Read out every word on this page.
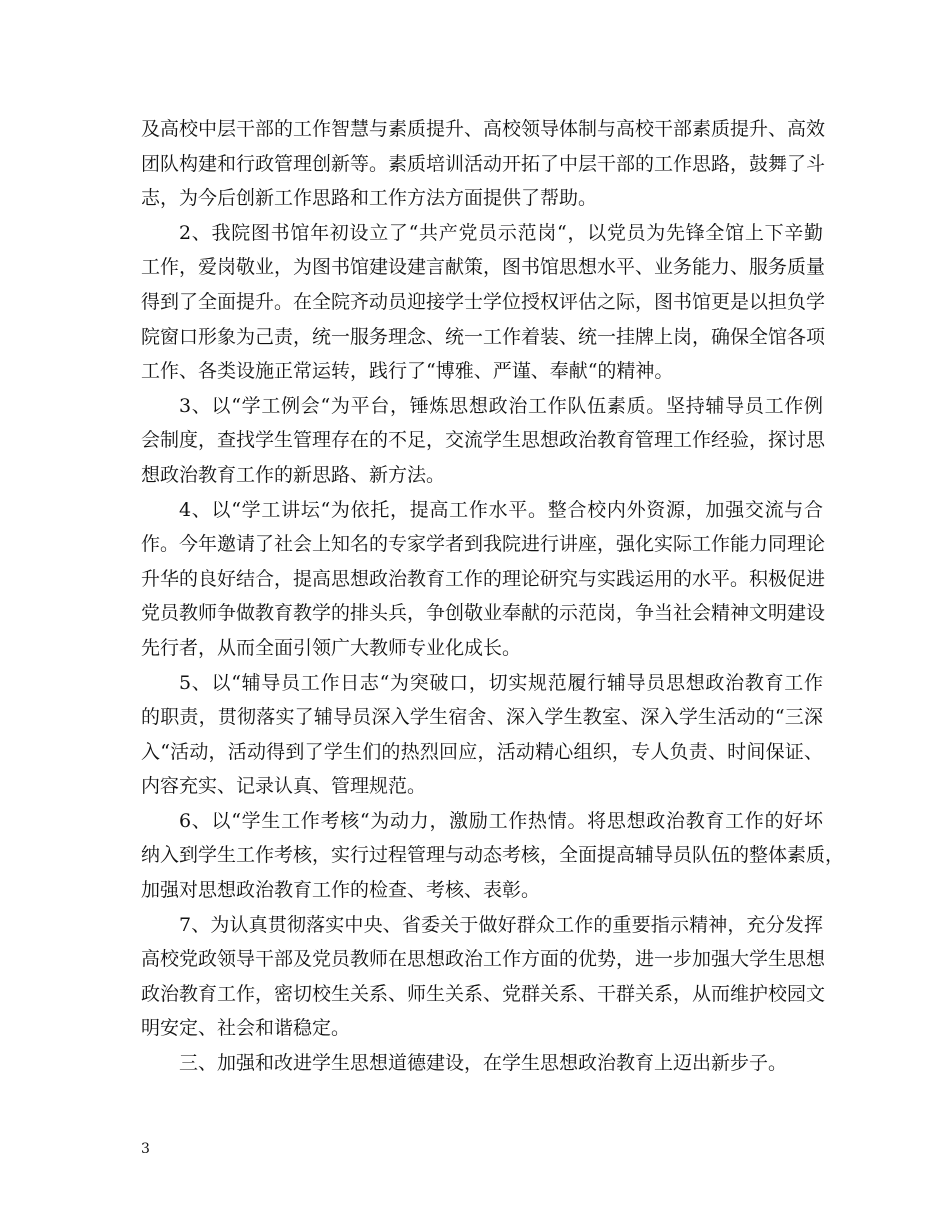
及高校中层干部的工作智慧与素质提升、高校领导体制与高校干部素质提升、高效
团队构建和行政管理创新等。素质培训活动开拓了中层干部的工作思路，鼓舞了斗
志，为今后创新工作思路和工作方法方面提供了帮助。
2、我院图书馆年初设立了“共产党员示范岗“，以党员为先锋全馆上下辛勤
工作，爱岗敬业，为图书馆建设建言献策，图书馆思想水平、业务能力、服务质量
得到了全面提升。在全院齐动员迎接学士学位授权评估之际，图书馆更是以担负学
院窗口形象为己责，统一服务理念、统一工作着装、统一挂牌上岗，确保全馆各项
工作、各类设施正常运转，践行了“博雅、严谨、奉献“的精神。
3、以“学工例会“为平台，锤炼思想政治工作队伍素质。坚持辅导员工作例
会制度，查找学生管理存在的不足，交流学生思想政治教育管理工作经验，探讨思
想政治教育工作的新思路、新方法。
4、以“学工讲坛“为依托，提高工作水平。整合校内外资源，加强交流与合
作。今年邀请了社会上知名的专家学者到我院进行讲座，强化实际工作能力同理论
升华的良好结合，提高思想政治教育工作的理论研究与实践运用的水平。积极促进
党员教师争做教育教学的排头兵，争创敬业奉献的示范岗，争当社会精神文明建设
先行者，从而全面引领广大教师专业化成长。
5、以“辅导员工作日志“为突破口，切实规范履行辅导员思想政治教育工作
的职责，贯彻落实了辅导员深入学生宿舍、深入学生教室、深入学生活动的“三深
入“活动，活动得到了学生们的热烈回应，活动精心组织，专人负责、时间保证、
内容充实、记录认真、管理规范。
6、以“学生工作考核“为动力，激励工作热情。将思想政治教育工作的好坏
纳入到学生工作考核，实行过程管理与动态考核，全面提高辅导员队伍的整体素质，
加强对思想政治教育工作的检查、考核、表彰。
7、为认真贯彻落实中央、省委关于做好群众工作的重要指示精神，充分发挥
高校党政领导干部及党员教师在思想政治工作方面的优势，进一步加强大学生思想
政治教育工作，密切校生关系、师生关系、党群关系、干群关系，从而维护校园文
明安定、社会和谐稳定。
三、加强和改进学生思想道德建设，在学生思想政治教育上迈出新步子。
3
